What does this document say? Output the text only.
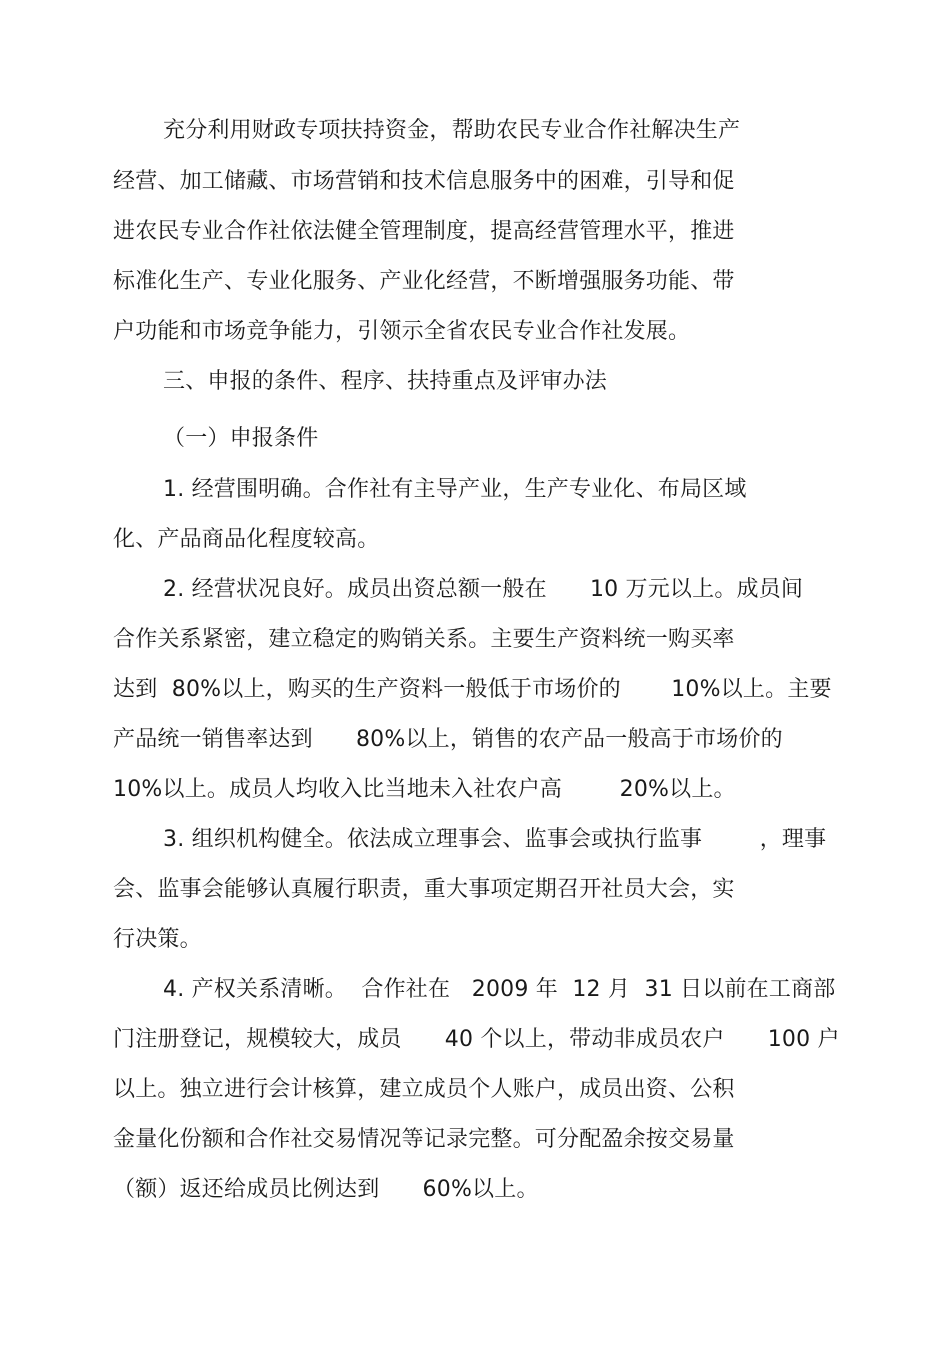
充分利用财政专项扶持资金，帮助农民专业合作社解决生产
经营、加工储藏、市场营销和技术信息服务中的困难，引导和促
进农民专业合作社依法健全管理制度，提高经营管理水平，推进
标准化生产、专业化服务、产业化经营，不断增强服务功能、带
户功能和市场竞争能力，引领示全省农民专业合作社发展。
三、申报的条件、程序、扶持重点及评审办法
（一）申报条件
1. 经营围明确。合作社有主导产业，生产专业化、布局区域
化、产品商品化程度较高。
2. 经营状况良好。成员出资总额一般在      10 万元以上。成员间
合作关系紧密，建立稳定的购销关系。主要生产资料统一购买率
达到  80%以上，购买的生产资料一般低于市场价的       10%以上。主要
产品统一销售率达到      80%以上，销售的农产品一般高于市场价的
10%以上。成员人均收入比当地未入社农户高        20%以上。
3. 组织机构健全。依法成立理事会、监事会或执行监事        ，理事
会、监事会能够认真履行职责，重大事项定期召开社员大会，实
行决策。
4. 产权关系清晰。  合作社在   2009 年  12 月  31 日以前在工商部
门注册登记，规模较大，成员      40 个以上，带动非成员农户      100 户
以上。独立进行会计核算，建立成员个人账户，成员出资、公积
金量化份额和合作社交易情况等记录完整。可分配盈余按交易量
（额）返还给成员比例达到      60%以上。
